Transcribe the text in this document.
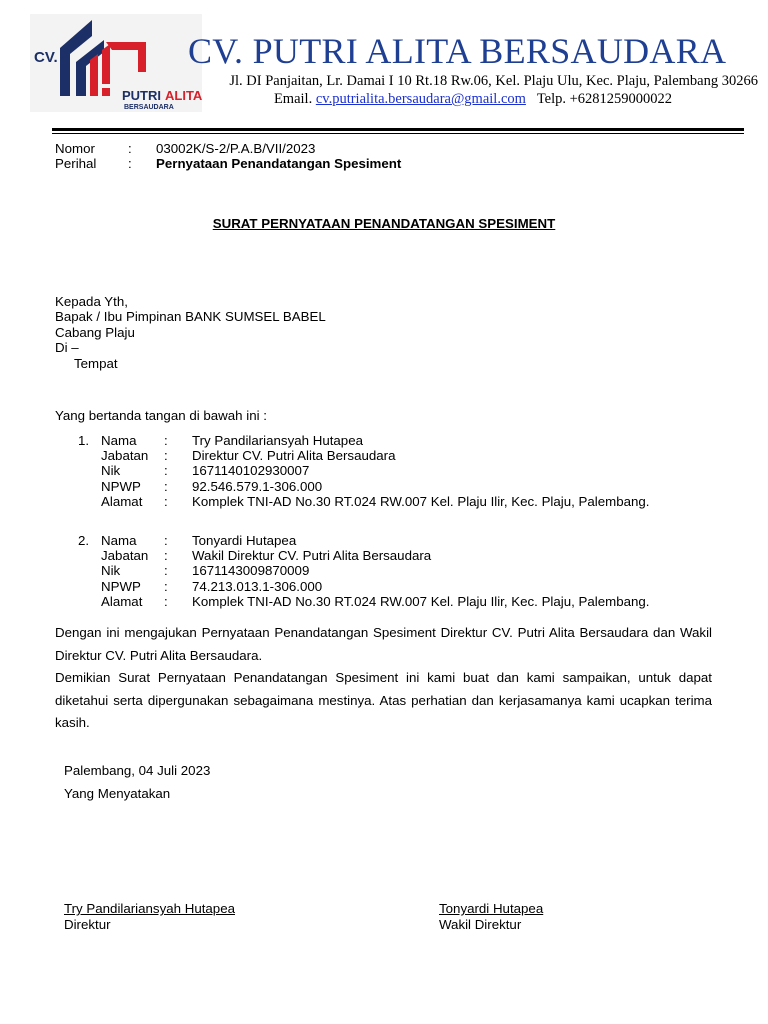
CV.
PUTRI ALITA
BERSAUDARA
CV. PUTRI ALITA BERSAUDARA
Jl. DI Panjaitan, Lr. Damai I 10 Rt.18 Rw.06, Kel. Plaju Ulu, Kec. Plaju, Palembang 30266
Email. cv.putrialita.bersaudara@gmail.com Telp. +6281259000022
Nomor : 03002K/S-2/P.A.B/VII/2023
Perihal : Pernyataan Penandatangan Spesiment
SURAT PERNYATAAN PENANDATANGAN SPESIMENT
Kepada Yth,
Bapak / Ibu Pimpinan BANK SUMSEL BABEL
Cabang Plaju
Di –
Tempat
Yang bertanda tangan di bawah ini :
1. Nama : Try Pandilariansyah Hutapea
Jabatan : Direktur CV. Putri Alita Bersaudara
Nik	: 1671140102930007
NPWP : 92.546.579.1-306.000
Alamat : Komplek TNI-AD No.30 RT.024 RW.007 Kel. Plaju Ilir, Kec. Plaju, Palembang.
2. Nama : Tonyardi Hutapea
Jabatan : Wakil Direktur CV. Putri Alita Bersaudara
Nik	: 1671143009870009
NPWP : 74.213.013.1-306.000
Alamat : Komplek TNI-AD No.30 RT.024 RW.007 Kel. Plaju Ilir, Kec. Plaju, Palembang.
Dengan ini mengajukan Pernyataan Penandatangan Spesiment Direktur CV. Putri Alita Bersaudara dan Wakil Direktur CV. Putri Alita Bersaudara.
Demikian Surat Pernyataan Penandatangan Spesiment ini kami buat dan kami sampaikan, untuk dapat diketahui serta dipergunakan sebagaimana mestinya. Atas perhatian dan kerjasamanya kami ucapkan terima kasih.
Palembang, 04 Juli 2023
Yang Menyatakan
Try Pandilariansyah Hutapea
Direktur
Tonyardi Hutapea
Wakil Direktur
